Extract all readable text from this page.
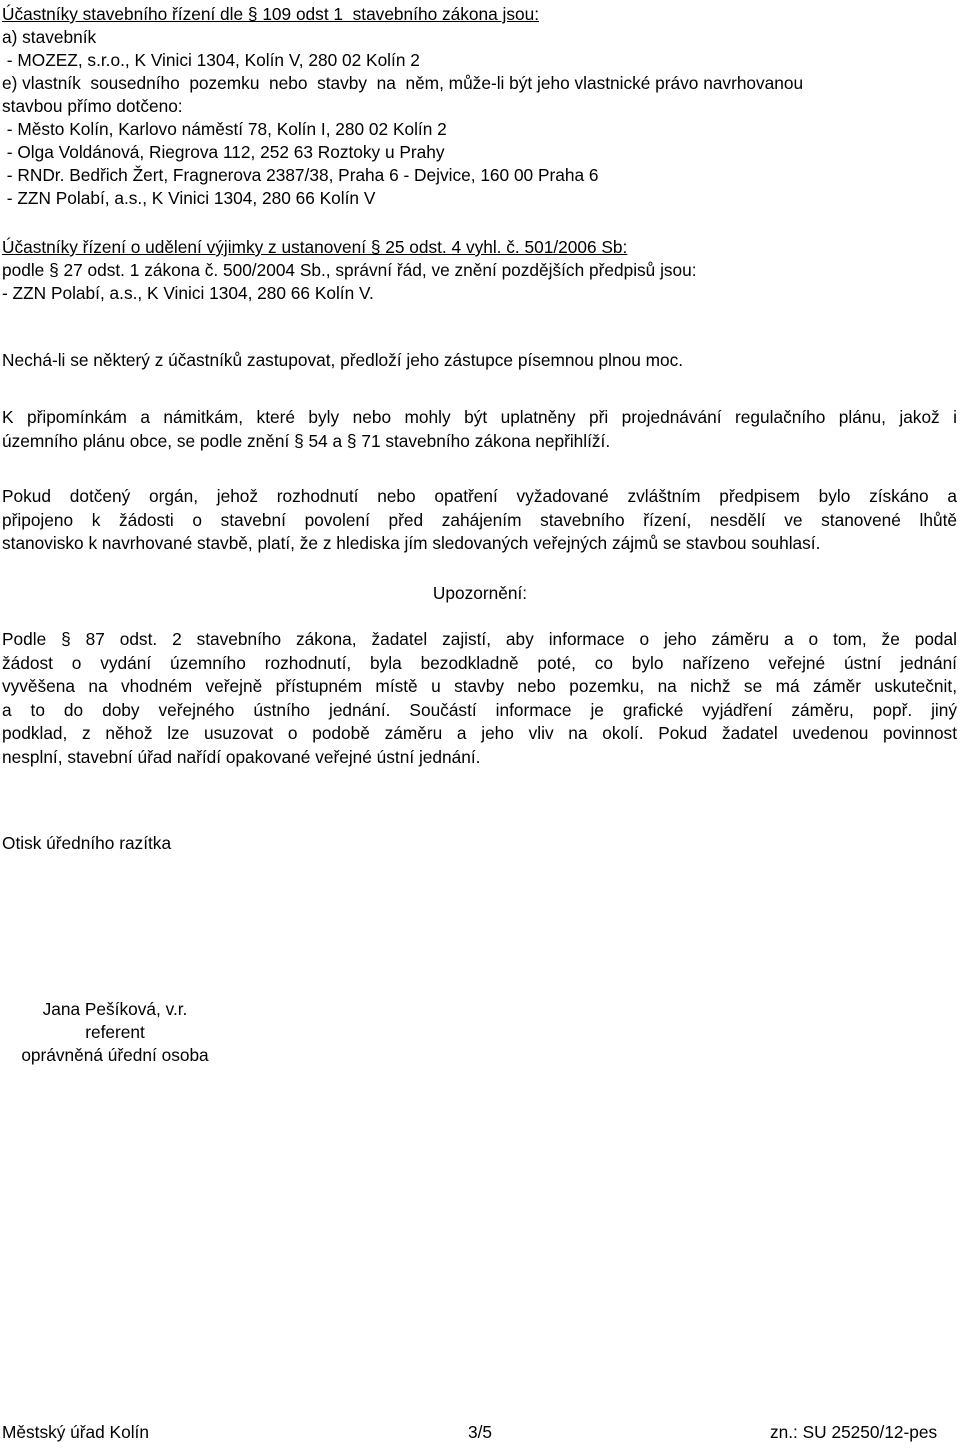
Účastníky stavebního řízení dle § 109 odst 1  stavebního zákona jsou:
a) stavebník
- MOZEZ, s.r.o., K Vinici 1304, Kolín V, 280 02 Kolín 2
e) vlastník  sousedního  pozemku  nebo  stavby  na  něm, může-li být jeho vlastnické právo navrhovanou
stavbou přímo dotčeno:
- Město Kolín, Karlovo náměstí 78, Kolín I, 280 02 Kolín 2
- Olga Voldánová, Riegrova 112, 252 63 Roztoky u Prahy
- RNDr. Bedřich Žert, Fragnerova 2387/38, Praha 6 - Dejvice, 160 00 Praha 6
- ZZN Polabí, a.s., K Vinici 1304, 280 66 Kolín V
Účastníky řízení o udělení výjimky z ustanovení § 25 odst. 4 vyhl. č. 501/2006 Sb:
podle § 27 odst. 1 zákona č. 500/2004 Sb., správní řád, ve znění pozdějších předpisů jsou:
- ZZN Polabí, a.s., K Vinici 1304, 280 66 Kolín V.
Nechá-li se některý z účastníků zastupovat, předloží jeho zástupce písemnou plnou moc.
K připomínkám a námitkám, které byly nebo mohly být uplatněny při projednávání regulačního plánu, jakož i
územního plánu obce, se podle znění § 54 a § 71 stavebního zákona nepřihlíží.
Pokud dotčený orgán, jehož rozhodnutí nebo opatření vyžadované zvláštním předpisem bylo získáno a
připojeno k žádosti o stavební povolení před zahájením stavebního řízení, nesdělí ve stanovené lhůtě
stanovisko k navrhované stavbě, platí, že z hlediska jím sledovaných veřejných zájmů se stavbou souhlasí.
Upozornění:
Podle § 87 odst. 2 stavebního zákona, žadatel zajistí, aby informace o jeho záměru a o tom, že podal
žádost o vydání územního rozhodnutí, byla bezodkladně poté, co bylo nařízeno veřejné ústní jednání
vyvěšena na vhodném veřejně přístupném místě u stavby nebo pozemku, na nichž se má záměr uskutečnit,
a to do doby veřejného ústního jednání. Součástí informace je grafické vyjádření záměru, popř. jiný
podklad, z něhož lze usuzovat o podobě záměru a jeho vliv na okolí. Pokud žadatel uvedenou povinnost
nesplní, stavební úřad nařídí opakované veřejné ústní jednání.
Otisk úředního razítka
Jana Pešíková, v.r.
referent
oprávněná úřední osoba
Městský úřad Kolín	3/5	zn.: SU 25250/12-pes
